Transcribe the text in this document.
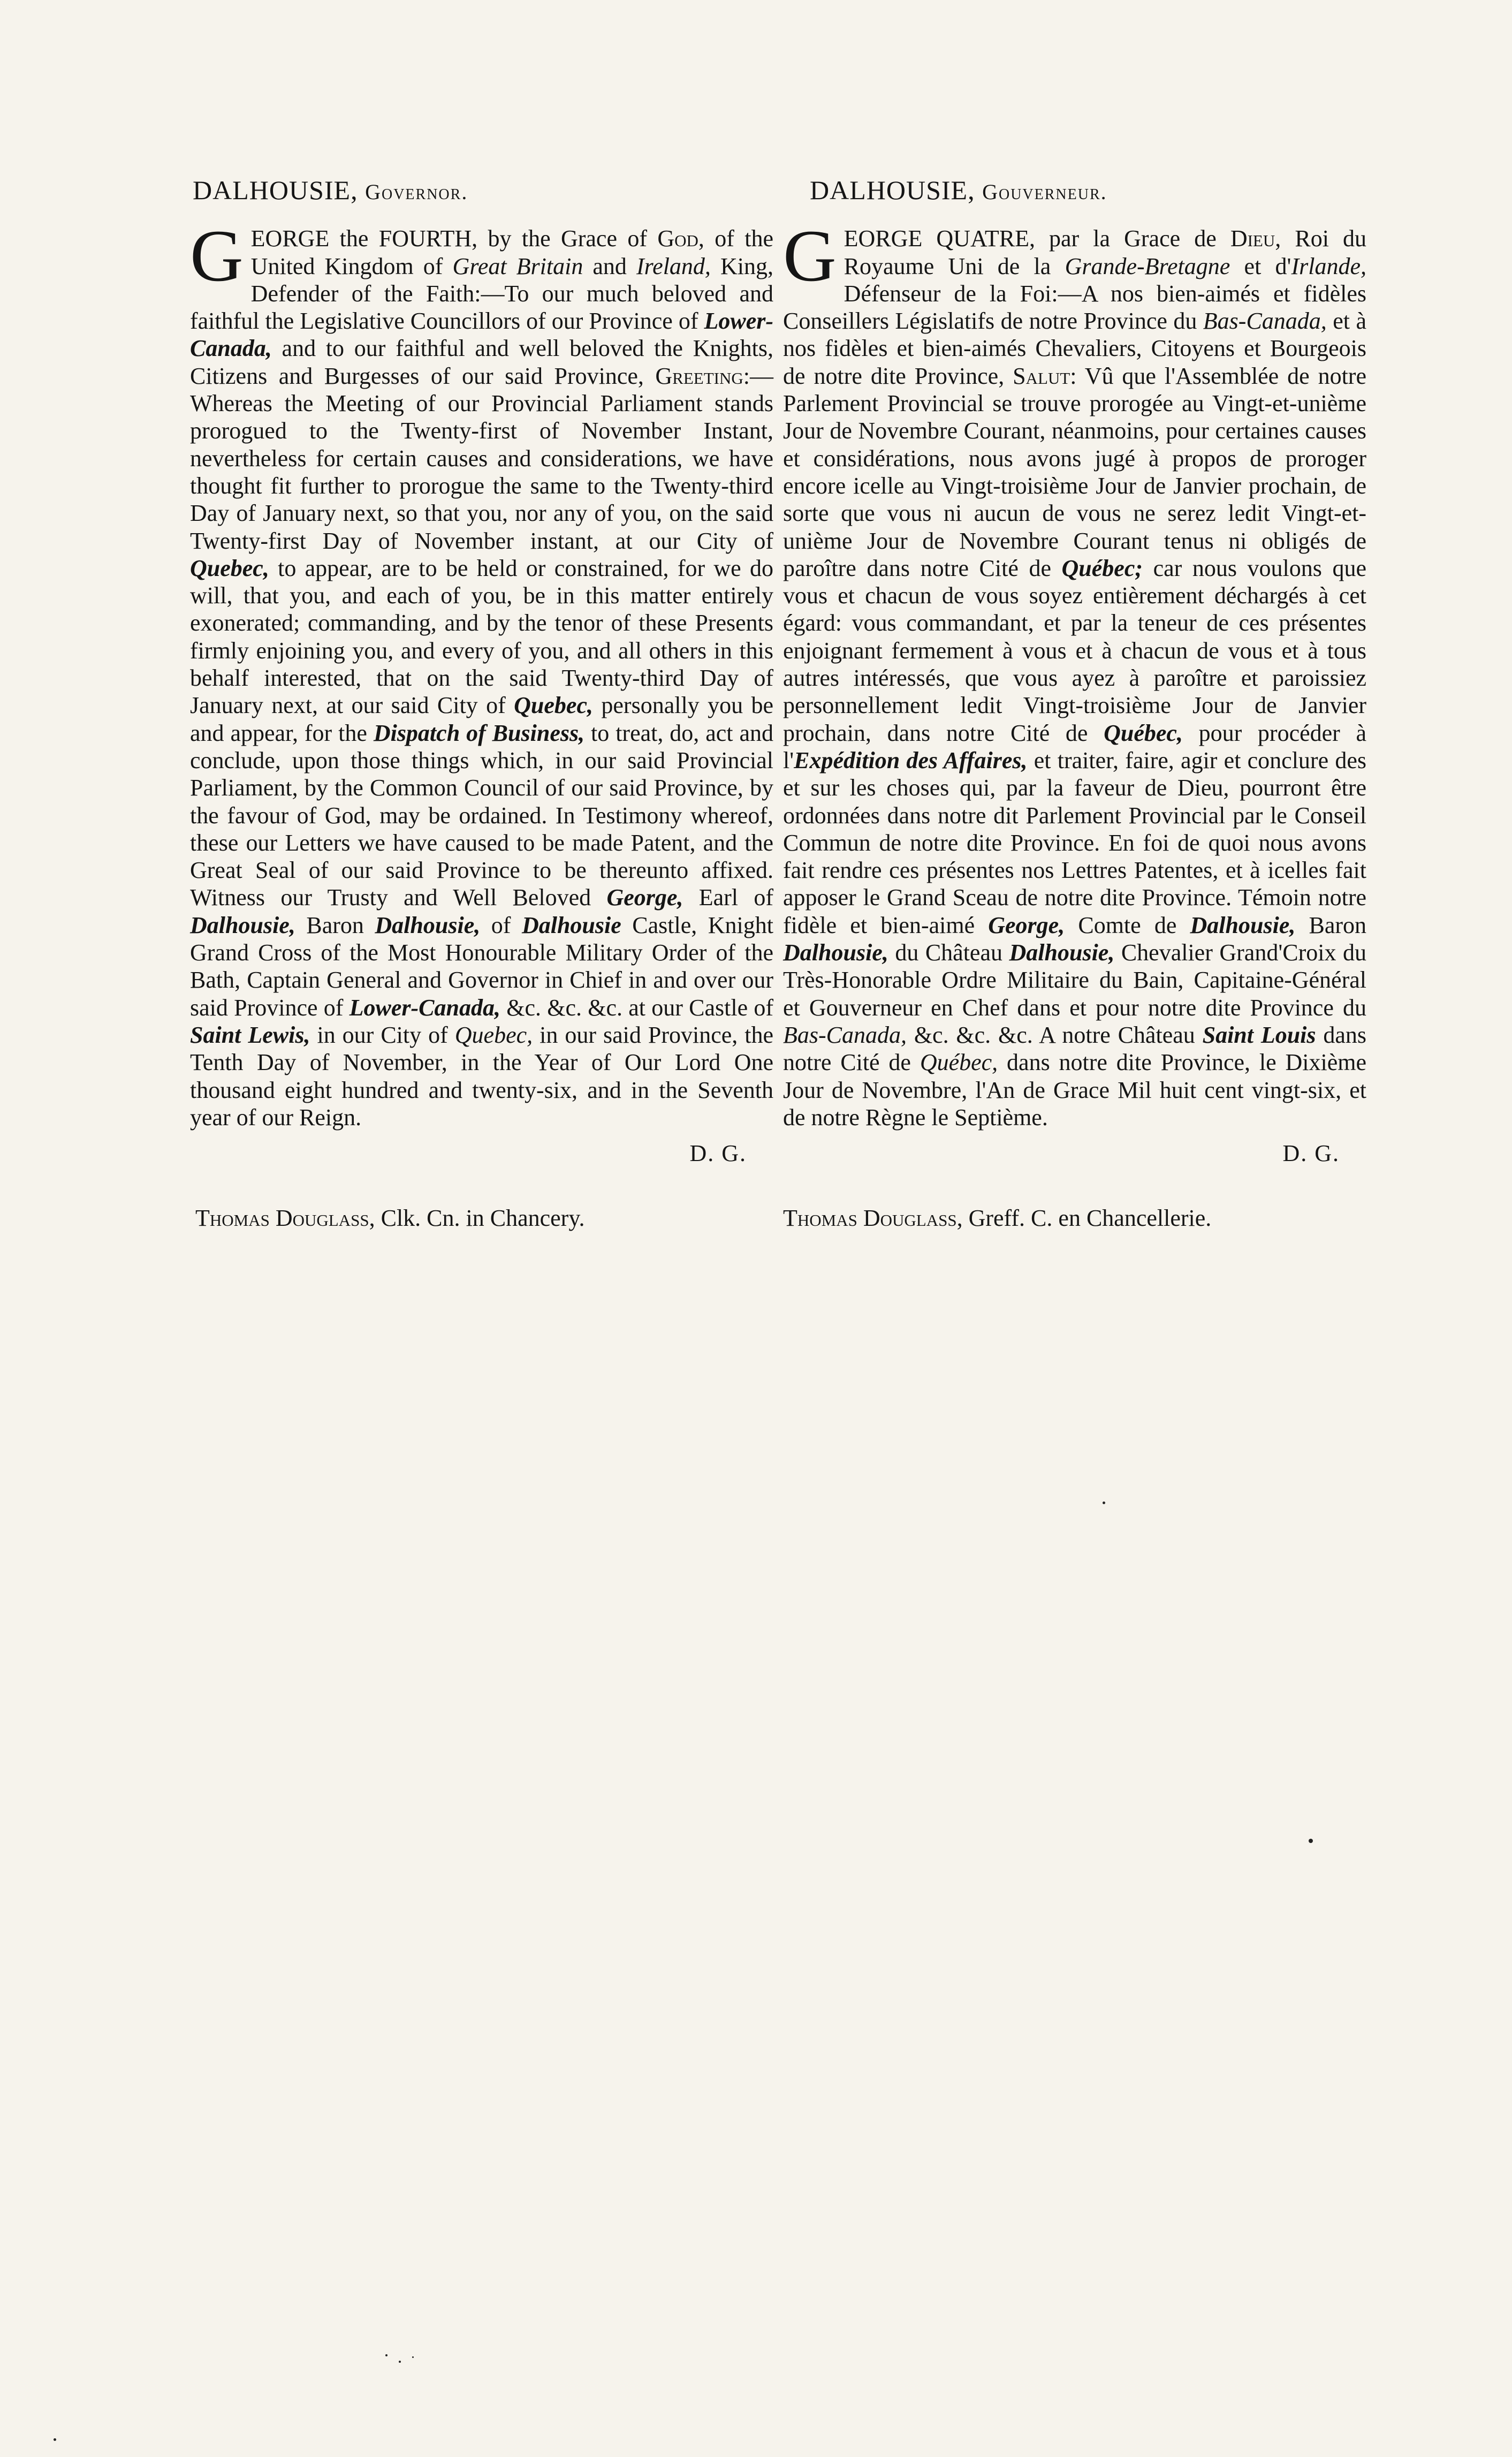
DALHOUSIE, Governor.

GEORGE the FOURTH, by the Grace of God, of the United Kingdom of Great Britain and Ireland, King, Defender of the Faith:—To our much beloved and faithful the Legislative Councillors of our Province of Lower-Canada, and to our faithful and well beloved the Knights, Citizens and Burgesses of our said Province, Greeting:—Whereas the Meeting of our Provincial Parliament stands prorogued to the Twenty-first of November Instant, nevertheless for certain causes and considerations, we have thought fit further to prorogue the same to the Twenty-third Day of January next, so that you, nor any of you, on the said Twenty-first Day of November instant, at our City of Quebec, to appear, are to be held or constrained, for we do will, that you, and each of you, be in this matter entirely exonerated; commanding, and by the tenor of these Presents firmly enjoining you, and every of you, and all others in this behalf interested, that on the said Twenty-third Day of January next, at our said City of Quebec, personally you be and appear, for the Dispatch of Business, to treat, do, act and conclude, upon those things which, in our said Provincial Parliament, by the Common Council of our said Province, by the favour of God, may be ordained. In Testimony whereof, these our Letters we have caused to be made Patent, and the Great Seal of our said Province to be thereunto affixed. Witness our Trusty and Well Beloved George, Earl of Dalhousie, Baron Dalhousie, of Dalhousie Castle, Knight Grand Cross of the Most Honourable Military Order of the Bath, Captain General and Governor in Chief in and over our said Province of Lower-Canada, &c. &c. &c. at our Castle of Saint Lewis, in our City of Quebec, in our said Province, the Tenth Day of November, in the Year of Our Lord One thousand eight hundred and twenty-six, and in the Seventh year of our Reign.

D. G.
Thomas Douglass, Clk. Cn. in Chancery.
DALHOUSIE, Gouverneur.

GEORGE QUATRE, par la Grace de Dieu, Roi du Royaume Uni de la Grande-Bretagne et d'Irlande, Défenseur de la Foi:—A nos bien-aimés et fidèles Conseillers Législatifs de notre Province du Bas-Canada, et à nos fidèles et bien-aimés Chevaliers, Citoyens et Bourgeois de notre dite Province, Salut: Vû que l'Assemblée de notre Parlement Provincial se trouve prorogée au Vingt-et-unième Jour de Novembre Courant, néanmoins, pour certaines causes et considérations, nous avons jugé à propos de proroger encore icelle au Vingt-troisième Jour de Janvier prochain, de sorte que vous ni aucun de vous ne serez ledit Vingt-et-unième Jour de Novembre Courant tenus ni obligés de paroître dans notre Cité de Québec; car nous voulons que vous et chacun de vous soyez entièrement déchargés à cet égard: vous commandant, et par la teneur de ces présentes enjoignant fermement à vous et à chacun de vous et à tous autres intéressés, que vous ayez à paroître et paroissiez personnellement ledit Vingt-troisième Jour de Janvier prochain, dans notre Cité de Québec, pour procéder à l'Expédition des Affaires, et traiter, faire, agir et conclure des et sur les choses qui, par la faveur de Dieu, pourront être ordonnées dans notre dit Parlement Provincial par le Conseil Commun de notre dite Province. En foi de quoi nous avons fait rendre ces présentes nos Lettres Patentes, et à icelles fait apposer le Grand Sceau de notre dite Province. Témoin notre fidèle et bien-aimé George, Comte de Dalhousie, Baron Dalhousie, du Château Dalhousie, Chevalier Grand'Croix du Très-Honorable Ordre Militaire du Bain, Capitaine-Général et Gouverneur en Chef dans et pour notre dite Province du Bas-Canada, &c. &c. &c. A notre Château Saint Louis dans notre Cité de Québec, dans notre dite Province, le Dixième Jour de Novembre, l'An de Grace Mil huit cent vingt-six, et de notre Règne le Septième.

D. G.
Thomas Douglass, Greff. C. en Chancellerie.
